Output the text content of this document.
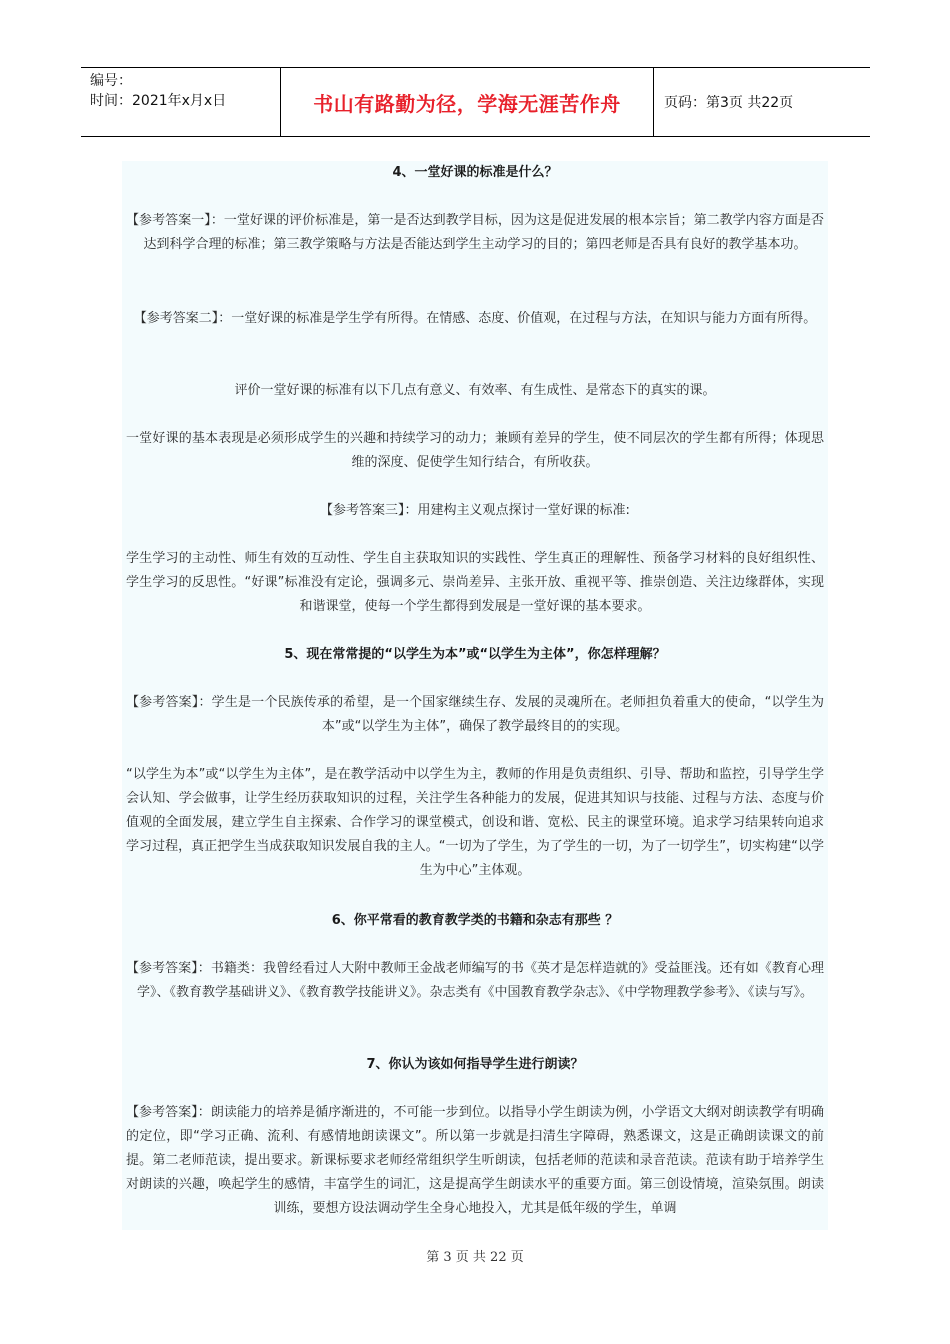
编号：
时间：2021年x月x日	书山有路勤为径，学海无涯苦作舟	页码：第3页 共22页
4、一堂好课的标准是什么？
【参考答案一】：一堂好课的评价标准是，第一是否达到教学目标，因为这是促进发展的根本宗旨；第二教学内容方面是否达到科学合理的标准；第三教学策略与方法是否能达到学生主动学习的目的；第四老师是否具有良好的教学基本功。
【参考答案二】：一堂好课的标准是学生学有所得。在情感、态度、价值观，在过程与方法，在知识与能力方面有所得。
评价一堂好课的标准有以下几点有意义、有效率、有生成性、是常态下的真实的课。
一堂好课的基本表现是必须形成学生的兴趣和持续学习的动力；兼顾有差异的学生，使不同层次的学生都有所得；体现思维的深度、促使学生知行结合，有所收获。
【参考答案三】：用建构主义观点探讨一堂好课的标准:
学生学习的主动性、师生有效的互动性、学生自主获取知识的实践性、学生真正的理解性、预备学习材料的良好组织性、学生学习的反思性。“好课”标准没有定论，强调多元、崇尚差异、主张开放、重视平等、推崇创造、关注边缘群体，实现和谐课堂，使每一个学生都得到发展是一堂好课的基本要求。
5、现在常常提的“以学生为本”或“以学生为主体”，你怎样理解？
【参考答案】：学生是一个民族传承的希望，是一个国家继续生存、发展的灵魂所在。老师担负着重大的使命，“以学生为本”或“以学生为主体”，确保了教学最终目的的实现。
“以学生为本”或“以学生为主体”，是在教学活动中以学生为主，教师的作用是负责组织、引导、帮助和监控，引导学生学会认知、学会做事，让学生经历获取知识的过程，关注学生各种能力的发展，促进其知识与技能、过程与方法、态度与价值观的全面发展，建立学生自主探索、合作学习的课堂模式，创设和谐、宽松、民主的课堂环境。追求学习结果转向追求学习过程，真正把学生当成获取知识发展自我的主人。“一切为了学生，为了学生的一切，为了一切学生”，切实构建“以学生为中心”主体观。
6、你平常看的教育教学类的书籍和杂志有那些 ？
【参考答案】：书籍类：我曾经看过人大附中教师王金战老师编写的书《英才是怎样造就的》受益匪浅。还有如《教育心理学》、《教育教学基础讲义》、《教育教学技能讲义》。杂志类有《中国教育教学杂志》、《中学物理教学参考》、《读与写》。
7、你认为该如何指导学生进行朗读？
【参考答案】：朗读能力的培养是循序渐进的，不可能一步到位。以指导小学生朗读为例，小学语文大纲对朗读教学有明确的定位，即“学习正确、流利、有感情地朗读课文”。所以第一步就是扫清生字障碍，熟悉课文，这是正确朗读课文的前提。第二老师范读，提出要求。新课标要求老师经常组织学生听朗读，包括老师的范读和录音范读。范读有助于培养学生对朗读的兴趣，唤起学生的感情，丰富学生的词汇，这是提高学生朗读水平的重要方面。第三创设情境，渲染氛围。朗读训练，要想方设法调动学生全身心地投入，尤其是低年级的学生，单调
第 3 页 共 22 页
